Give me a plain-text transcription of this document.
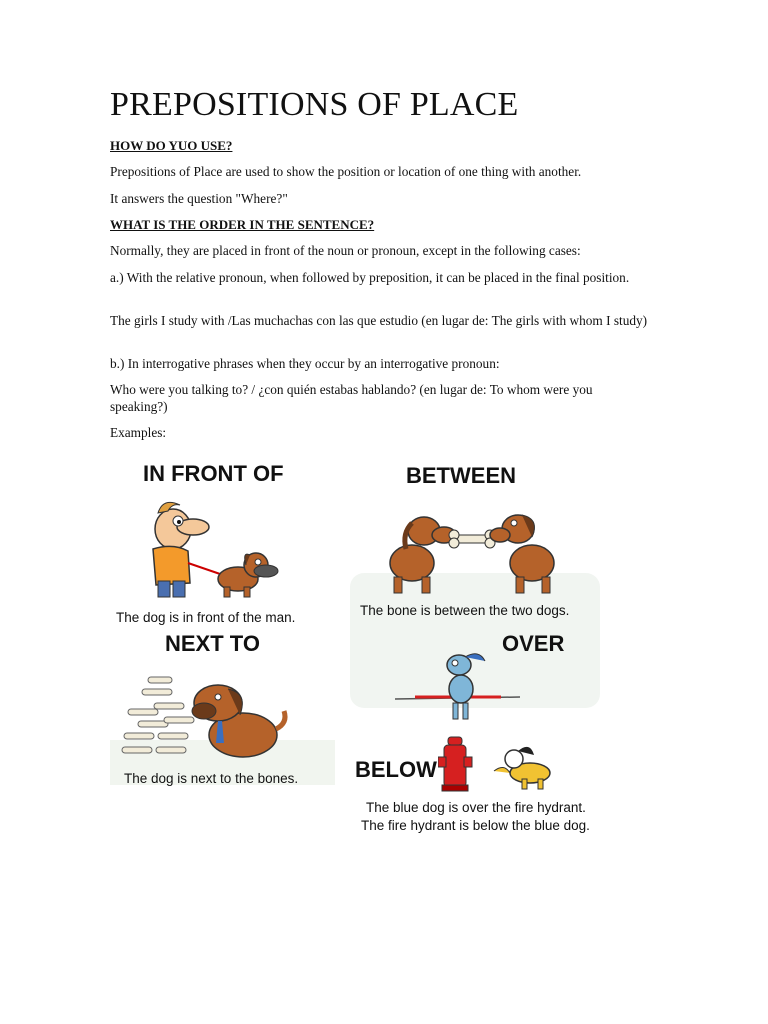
PREPOSITIONS OF PLACE

HOW DO YUO USE?

Prepositions of Place are used to show the position or location of one thing with another.

It answers the question "Where?"

WHAT IS THE ORDER IN THE SENTENCE?

Normally, they are placed in front of the noun or pronoun, except in the following cases:

a.) With the relative pronoun, when followed by preposition, it can be placed in the final position.

The girls I study with /Las muchachas con las que estudio (en lugar de: The girls with whom I study)

b.) In interrogative phrases when they occur by an interrogative pronoun:

Who were you talking to? / ¿con quién estabas hablando? (en lugar de: To whom were you speaking?)

Examples:

IN FRONT OF
The dog is in front of the man.
BETWEEN
The bone is between the two dogs.
NEXT TO
The dog is next to the bones.
OVER
BELOW
The blue dog is over the fire hydrant.
The fire hydrant is below the blue dog.
